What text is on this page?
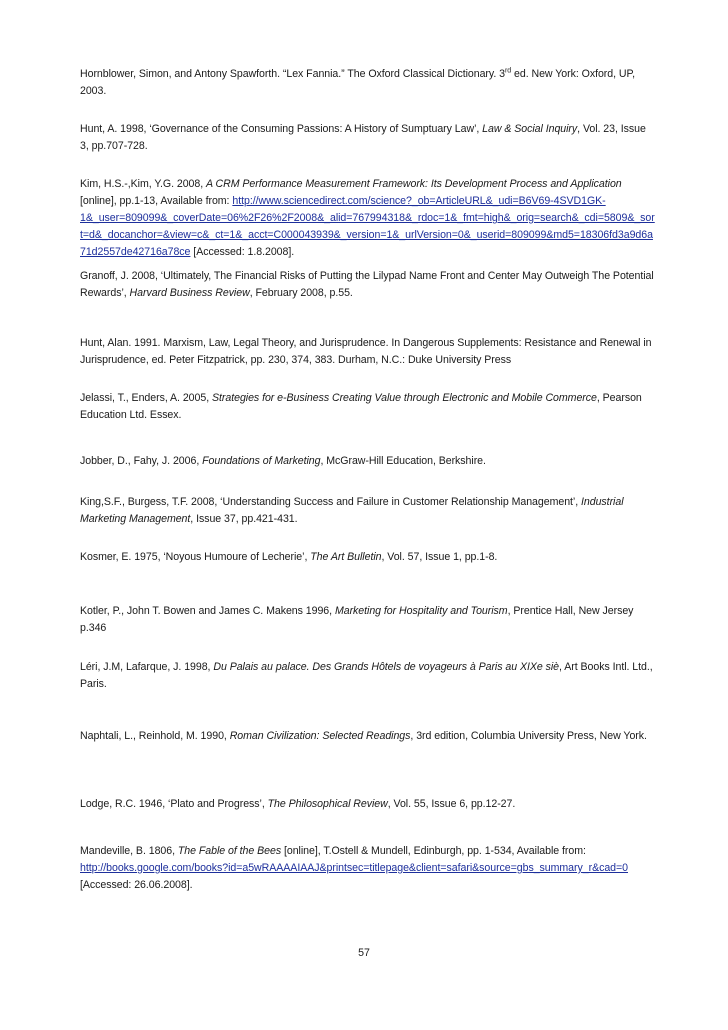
Hornblower, Simon, and Antony Spawforth. “Lex Fannia.” The Oxford Classical Dictionary. 3rd ed. New York: Oxford, UP, 2003.
Hunt, A. 1998, ‘Governance of the Consuming Passions: A History of Sumptuary Law’, Law & Social Inquiry, Vol. 23, Issue 3, pp.707-728.
Kim, H.S.-,Kim, Y.G. 2008, A CRM Performance Measurement Framework: Its Development Process and Application [online], pp.1-13, Available from: http://www.sciencedirect.com/science?_ob=ArticleURL&_udi=B6V69-4SVD1GK-1&_user=809099&_coverDate=06%2F26%2F2008&_alid=767994318&_rdoc=1&_fmt=high&_orig=search&_cdi=5809&_sort=d&_docanchor=&view=c&_ct=1&_acct=C000043939&_version=1&_urlVersion=0&_userid=809099&md5=18306fd3a9d6a71d2557de42716a78ce [Accessed: 1.8.2008].
Granoff, J. 2008, ‘Ultimately, The Financial Risks of Putting the Lilypad Name Front and Center May Outweigh The Potential Rewards’, Harvard Business Review, February 2008, p.55.
Hunt, Alan. 1991. Marxism, Law, Legal Theory, and Jurisprudence. In Dangerous Supplements: Resistance and Renewal in Jurisprudence, ed. Peter Fitzpatrick, pp. 230, 374, 383. Durham, N.C.: Duke University Press
Jelassi, T., Enders, A. 2005, Strategies for e-Business Creating Value through Electronic and Mobile Commerce, Pearson Education Ltd. Essex.
Jobber, D., Fahy, J. 2006, Foundations of Marketing, McGraw-Hill Education, Berkshire.
King,S.F., Burgess, T.F. 2008, ‘Understanding Success and Failure in Customer Relationship Management’, Industrial Marketing Management, Issue 37, pp.421-431.
Kosmer, E. 1975, ‘Noyous Humoure of Lecherie’, The Art Bulletin, Vol. 57, Issue 1, pp.1-8.
Kotler, P., John T. Bowen and James C. Makens 1996, Marketing for Hospitality and Tourism, Prentice Hall, New Jersey p.346
Léri, J.M, Lafarque, J. 1998, Du Palais au palace. Des Grands Hôtels de voyageurs à Paris au XIXe siè, Art Books Intl. Ltd., Paris.
Naphtali, L., Reinhold, M. 1990, Roman Civilization: Selected Readings, 3rd edition, Columbia University Press, New York.
Lodge, R.C. 1946, ‘Plato and Progress’, The Philosophical Review, Vol. 55, Issue 6, pp.12-27.
Mandeville, B. 1806, The Fable of the Bees [online], T.Ostell & Mundell, Edinburgh, pp. 1-534, Available from: http://books.google.com/books?id=a5wRAAAAIAAJ&printsec=titlepage&client=safari&source=gbs_summary_r&cad=0 [Accessed: 26.06.2008].
57
